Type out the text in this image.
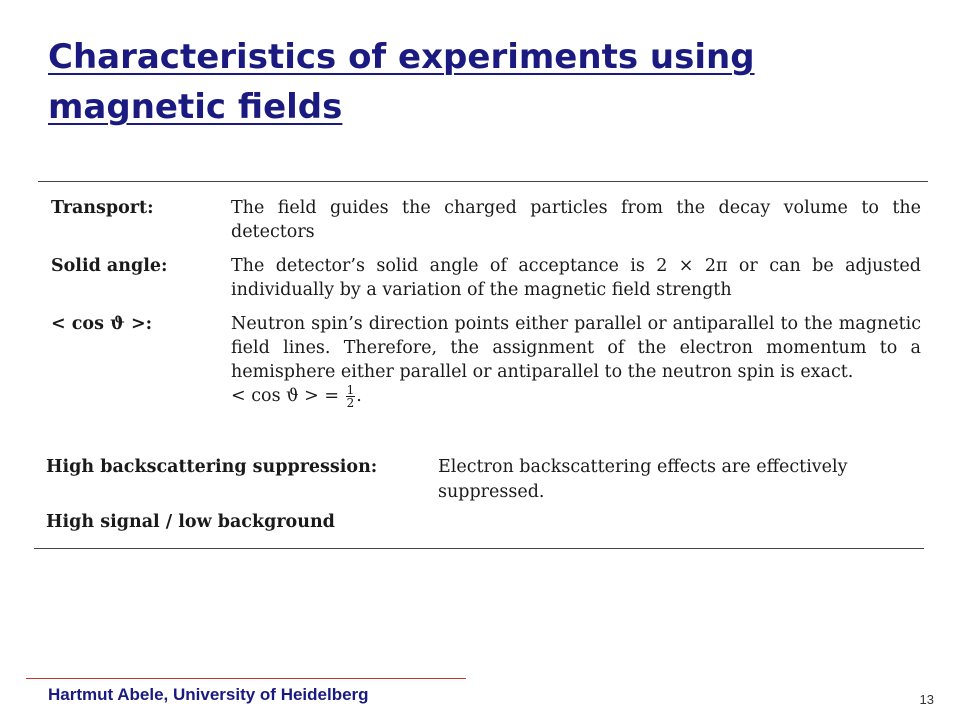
Characteristics of experiments using magnetic fields
Transport:	The field guides the charged particles from the decay volume to the detectors
Solid angle:	The detector’s solid angle of acceptance is 2 × 2π or can be adjusted individually by a variation of the magnetic field strength
< cos ϑ >:	Neutron spin’s direction points either parallel or antiparallel to the magnetic field lines. Therefore, the assignment of the electron momentum to a hemisphere either parallel or antiparallel to the neutron spin is exact.
< cos ϑ > = $\frac{1}{2}$ .
High backscattering suppression:	Electron backscattering effects are effectively suppressed.
High signal / low background
Hartmut Abele, University of Heidelberg	13
